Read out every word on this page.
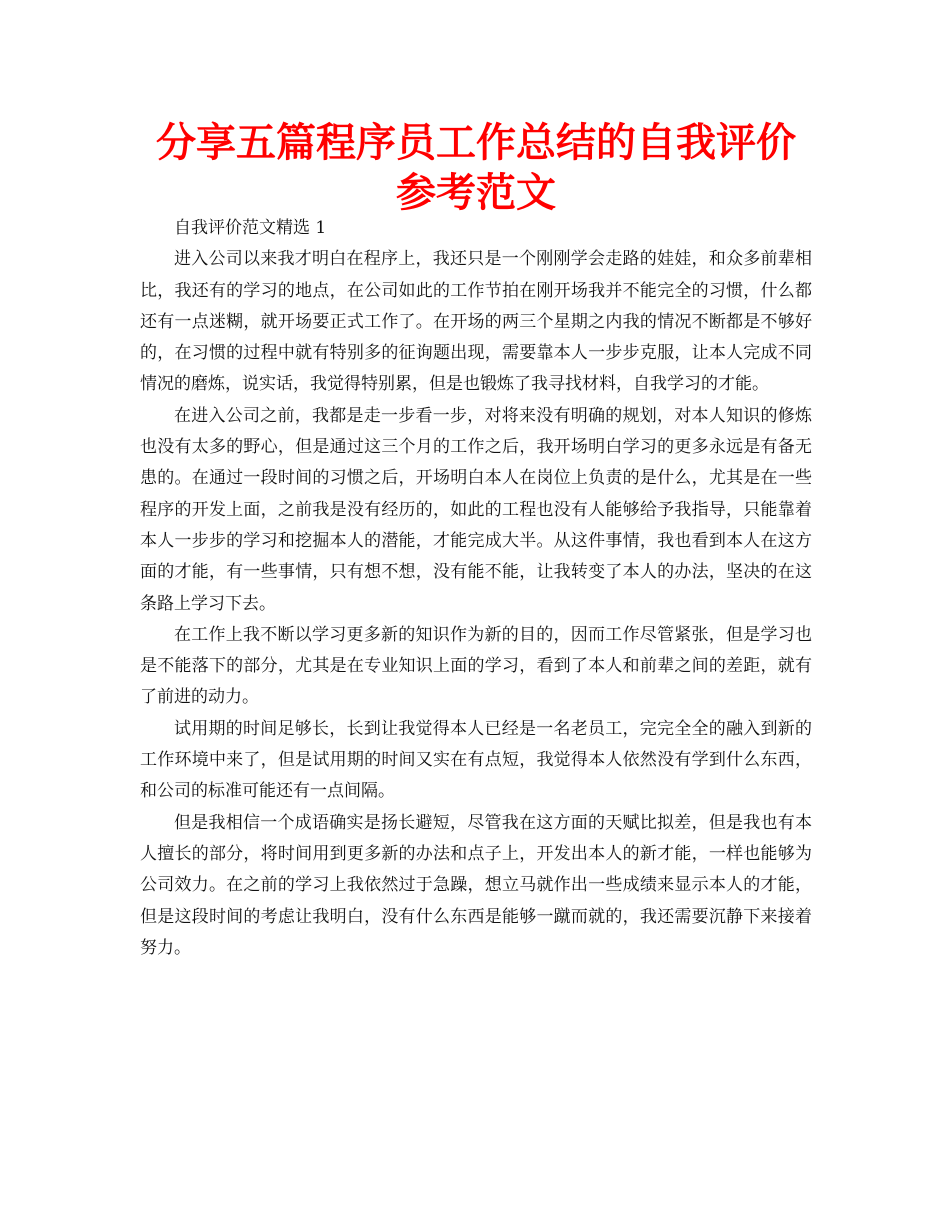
分享五篇程序员工作总结的自我评价参考范文

自我评价范文精选 1

进入公司以来我才明白在程序上，我还只是一个刚刚学会走路的娃娃，和众多前辈相比，我还有的学习的地点，在公司如此的工作节拍在刚开场我并不能完全的习惯，什么都还有一点迷糊，就开场要正式工作了。在开场的两三个星期之内我的情况不断都是不够好的，在习惯的过程中就有特别多的征询题出现，需要靠本人一步步克服，让本人完成不同情况的磨炼，说实话，我觉得特别累，但是也锻炼了我寻找材料，自我学习的才能。

在进入公司之前，我都是走一步看一步，对将来没有明确的规划，对本人知识的修炼也没有太多的野心，但是通过这三个月的工作之后，我开场明白学习的更多永远是有备无患的。在通过一段时间的习惯之后，开场明白本人在岗位上负责的是什么，尤其是在一些程序的开发上面，之前我是没有经历的，如此的工程也没有人能够给予我指导，只能靠着本人一步步的学习和挖掘本人的潜能，才能完成大半。从这件事情，我也看到本人在这方面的才能，有一些事情，只有想不想，没有能不能，让我转变了本人的办法，坚决的在这条路上学习下去。

在工作上我不断以学习更多新的知识作为新的目的，因而工作尽管紧张，但是学习也是不能落下的部分，尤其是在专业知识上面的学习，看到了本人和前辈之间的差距，就有了前进的动力。

试用期的时间足够长，长到让我觉得本人已经是一名老员工，完完全全的融入到新的工作环境中来了，但是试用期的时间又实在有点短，我觉得本人依然没有学到什么东西，和公司的标准可能还有一点间隔。

但是我相信一个成语确实是扬长避短，尽管我在这方面的天赋比拟差，但是我也有本人擅长的部分，将时间用到更多新的办法和点子上，开发出本人的新才能，一样也能够为公司效力。在之前的学习上我依然过于急躁，想立马就作出一些成绩来显示本人的才能，但是这段时间的考虑让我明白，没有什么东西是能够一蹴而就的，我还需要沉静下来接着努力。
